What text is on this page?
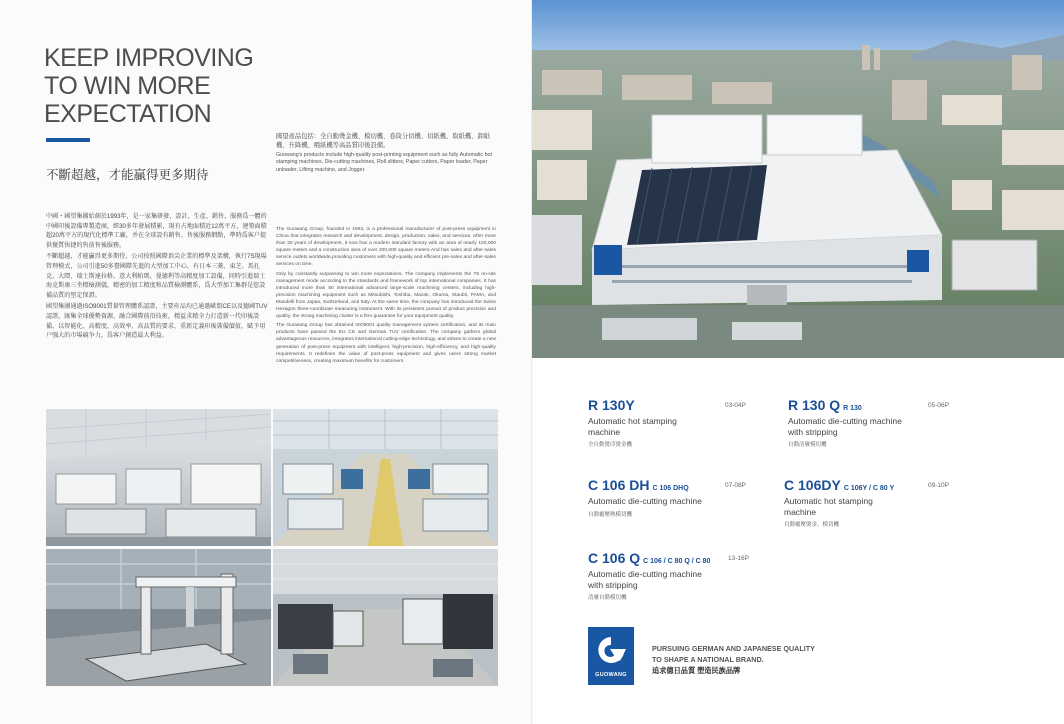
KEEP IMPROVING
TO WIN MORE
EXPECTATION
不斷超越，才能贏得更多期待

國望產品包括：全自動燙金機、模切機、卷筒分切機、切紙機、取紙機、卸紙機、升降機、喂紙機等高品質印後設備。

Guowang's products include high-quality post-printing equipment such as fully Automatic hot stamping machines, Die-cutting machines, Roll slitters, Paper cutters, Paper loader, Paper unloader, Lifting machine, and Jogger.

中國・國望集團始創於1993年，是一家集研發、設計、生產、銷售、服務爲一體的中國印後設備專製造商，經30多年發展積累，現有占地面積近12萬平方，建築面積超20萬平方的現代化標準工廠，并在全球設有銷售、售後服務網點，準時爲客户提供優質快捷的售前售後服務。

不斷超越，才能贏得更多期待，公司按照國際頂尖企業的標準及架構，執行7S現場管理模式，公司引進50多臺國際先進的大型加工中心，有日本三菱、東芝、馬扎克、大隈、瑞士斯達拉格、意大利帕瑪、曼德利等高精度加工設備，同時引進瑞士海克斯康三坐標檢測儀，精密的加工精度和品質檢測體系，爲大型加工集群是您設備品質的堅定保證。

國望集團通過ISO9001質量管理體系認證，主要産品均已通過歐盟CE以及德國TUV認證，匯集全球優勢資源，融合國際前沿技術，精益求精全力打造新一代印後設備，以智能化、高精度、高效率、高品質的要求，重新定義印後裝備價值，賦予用户强大的市場競争力，爲客户創造最大利益。

The Guowang Group, founded in 1993, is a professional manufacturer of post-press equipment in China that integrates research and development, design, production, sales, and services. After more than 30 years of development, it now has a modern standard factory with an area of nearly 120,000 square meters and a construction area of over 200,000 square meters.And has sales and after-sales service outlets worldwide,providing customers with high-quality and efficient pre-sales and after-sales services on time.

Only by constantly surpassing to win more expectations. The company implements the 7S on-site management mode according to the standards and framework of top international companies. It has introduced more than 50 international advanced large-scale machining centers, including high-precision machining equipment such as Mitsubishi, Toshiba, Mazak, Okuma, Staubli, PAMA, and Mandelli from Japan, Switzerland, and Italy. At the same time, the company has introduced the Swiss Hexagon three-coordinate measuring instrument. With its persistent pursuit of product precision and quality, the strong machining cluster is a firm guarantee for your equipment quality.

The Guowang Group has obtained ISO9001 quality management system certification, and its main products have passed the EU CE and German TUV certification. The company gathers global advantageous resources, integrates international cutting-edge technology, and strives to create a new generation of post-press equipment with intelligent, high-precision, high-efficiency, and high-quality requirements. It redefines the value of post-press equipment and gives users strong market competitiveness, creating maximum benefits for customers.

R 130Y	03-04P
Automatic hot stamping machine
全自動燙印燙金機
R 130 Q R 130	05-06P
Automatic die-cutting machine with stripping
自動清廢模切機
C 106 DH C 106 DHQ	07-08P
Automatic die-cutting machine
自動覆壓熱模切機
C 106DY C 106Y / C 80 Y	09-10P
Automatic hot stamping machine
自動覆壓燙金、模切機
C 106 Q C 106 / C 80 Q / C 80	13-16P
Automatic die-cutting machine with stripping
清廢自動模切機
GUOWANG
PURSUING GERMAN AND JAPANESE QUALITY
TO SHAPE A NATIONAL BRAND.
追求德日品質 塑造民族品牌
